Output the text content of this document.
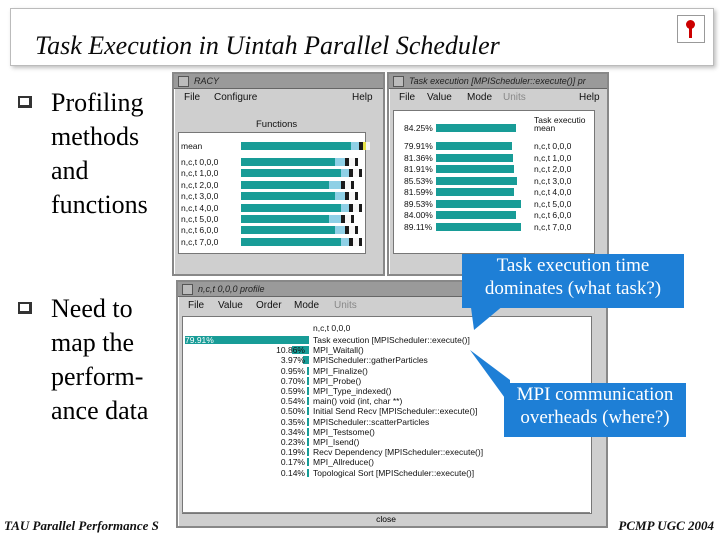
Task Execution in Uintah Parallel Scheduler
Profiling
methods
and
functions
Need to
map the
perform-
ance data
RACY
File Configure	Help
Functions
mean
n,c,t 0,0,0
n,c,t 1,0,0
n,c,t 2,0,0
n,c,t 3,0,0
n,c,t 4,0,0
n,c,t 5,0,0
n,c,t 6,0,0
n,c,t 7,0,0
Task execution [MPIScheduler::execute()] pr
File Value Mode Units	Help
Task executio
84.25%	mean
79.91%	n,c,t 0,0,0
81.36%	n,c,t 1,0,0
81.91%	n,c,t 2,0,0
85.53%	n,c,t 3,0,0
81.59%	n,c,t 4,0,0
89.53%	n,c,t 5,0,0
84.00%	n,c,t 6,0,0
89.11%	n,c,t 7,0,0
n,c,t 0,0,0 profile
File Value Order Mode Units
n,c,t 0,0,0
79.91%	Task execution [MPIScheduler::execute()]
10.86% MPI_Waitall()
3.97% MPIScheduler::gatherParticles
0.95% MPI_Finalize()
0.70% MPI_Probe()
0.59% MPI_Type_indexed()
0.54% main() void (int, char **)
0.50% Initial Send Recv [MPIScheduler::execute()]
0.35% MPIScheduler::scatterParticles
0.34% MPI_Testsome()
0.23% MPI_Isend()
0.19% Recv Dependency [MPIScheduler::execute()]
0.17% MPI_Allreduce()
0.14% Topological Sort [MPIScheduler::execute()]
close
Task execution time
dominates (what task?)
MPI communication
overheads (where?)
TAU Parallel Performance S	PCMP UGC 2004
